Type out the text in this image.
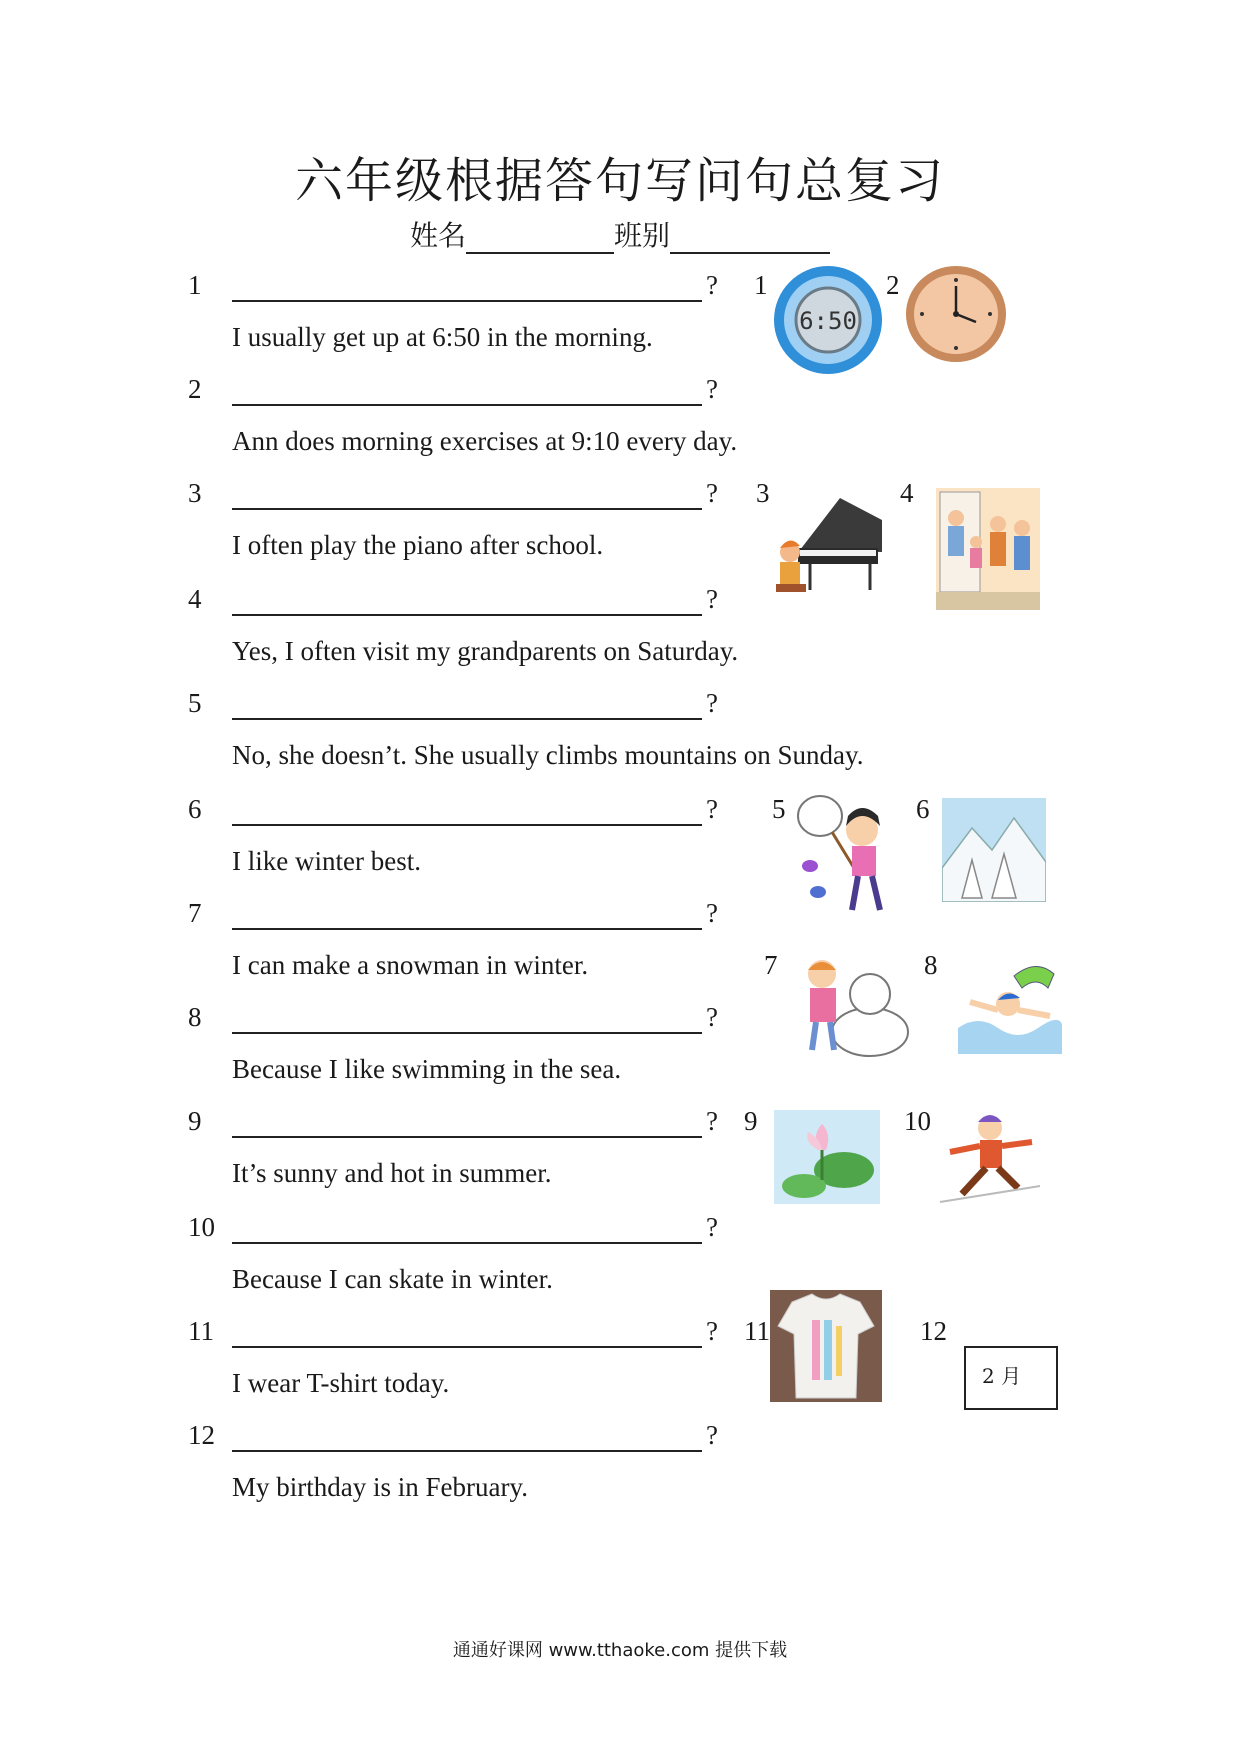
六年级根据答句写问句总复习
姓名	班别
1	?
I usually get up at 6:50 in the morning.
2	?
Ann does morning exercises at 9:10 every day.
3	?
I often play the piano after school.
4	?
Yes, I often visit my grandparents on Saturday.
5	?
No, she doesn’t. She usually climbs mountains on Sunday.
6	?
I like winter best.
7	?
I can make a snowman in winter.
8	?
Because I like swimming in the sea.
9	?
It’s sunny and hot in summer.
10	?
Because I can skate in winter.
11	?
I wear T-shirt today.
12	?
My birthday is in February.
1	2
3	4
5	6
7	8
9	10
11	12
6:50
2 月
通通好课网 www.tthaoke.com 提供下载
